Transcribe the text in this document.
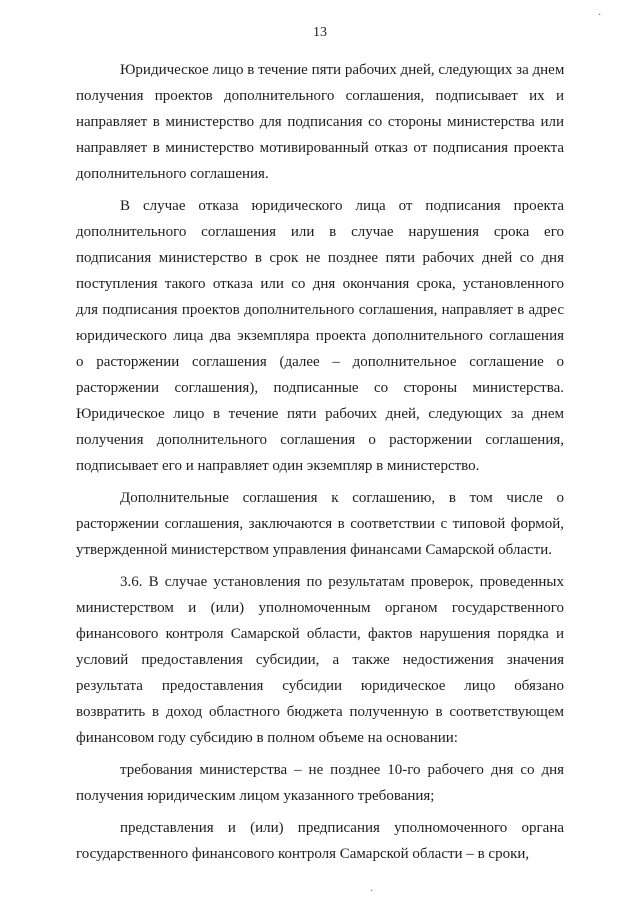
13
·
·
Юридическое лицо в течение пяти рабочих дней, следующих за днем
получения проектов дополнительного соглашения, подписывает их и
направляет в министерство для подписания со стороны министерства или
направляет в министерство мотивированный отказ от подписания проекта
дополнительного соглашения.
В случае отказа юридического лица от подписания проекта
дополнительного соглашения или в случае нарушения срока его
подписания министерство в срок не позднее пяти рабочих дней со дня
поступления такого отказа или со дня окончания срока, установленного
для подписания проектов дополнительного соглашения, направляет в адрес
юридического лица два экземпляра проекта дополнительного соглашения
о расторжении соглашения (далее – дополнительное соглашение о
расторжении соглашения), подписанные со стороны министерства.
Юридическое лицо в течение пяти рабочих дней, следующих за днем
получения дополнительного соглашения о расторжении соглашения,
подписывает его и направляет один экземпляр в министерство.
Дополнительные соглашения к соглашению, в том числе о
расторжении соглашения, заключаются в соответствии с типовой формой,
утвержденной министерством управления финансами Самарской области.
3.6. В случае установления по результатам проверок, проведенных
министерством и (или) уполномоченным органом государственного
финансового контроля Самарской области, фактов нарушения порядка и
условий предоставления субсидии, а также недостижения значения
результата предоставления субсидии юридическое лицо обязано
возвратить в доход областного бюджета полученную в соответствующем
финансовом году субсидию в полном объеме на основании:
требования министерства – не позднее 10-го рабочего дня со дня
получения юридическим лицом указанного требования;
представления и (или) предписания уполномоченного органа
государственного финансового контроля Самарской области – в сроки,
